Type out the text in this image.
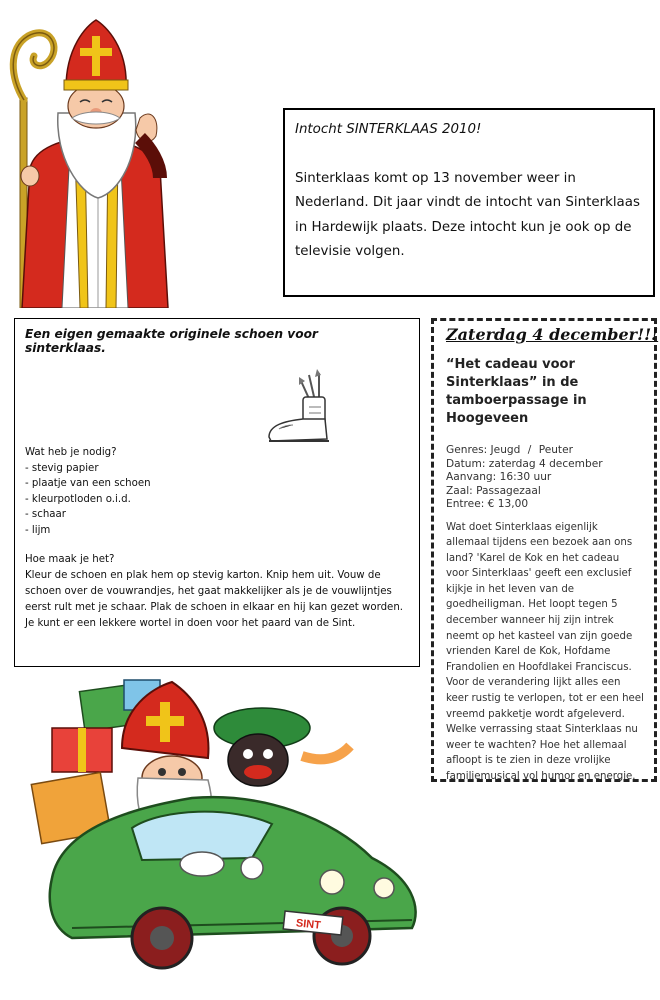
Intocht SINTERKLAAS 2010!
Sinterklaas komt op 13 november weer in Nederland. Dit jaar vindt de intocht van Sinterklaas in Hardewijk plaats. Deze intocht kun je ook op de televisie volgen.
Een eigen gemaakte originele schoen voor sinterklaas.
Wat heb je nodig?
- stevig papier
- plaatje van een schoen
- kleurpotloden o.i.d.
- schaar
- lijm
Hoe maak je het?

Kleur de schoen en plak hem op stevig karton. Knip hem uit. Vouw de schoen over de vouwrandjes, het gaat makkelijker als je de vouwlijntjes eerst rult met je schaar. Plak de schoen in elkaar en hij kan gezet worden. Je kunt er een lekkere wortel in doen voor het paard van de Sint.

Zaterdag 4 december!!!
“Het cadeau voor Sinterklaas” in de tamboerpassage in Hoogeveen
Genres: Jeugd / Peuter
Datum: zaterdag 4 december
Aanvang: 16:30 uur
Zaal: Passagezaal
Entree: € 13,00
Wat doet Sinterklaas eigenlijk allemaal tijdens een bezoek aan ons land? 'Karel de Kok en het cadeau voor Sinterklaas' geeft een exclusief kijkje in het leven van de goedheiligman. Het loopt tegen 5 december wanneer hij zijn intrek neemt op het kasteel van zijn goede vrienden Karel de Kok, Hofdame Frandolien en Hoofdlakei Franciscus. Voor de verandering lijkt alles een keer rustig te verlopen, tot er een heel vreemd pakketje wordt afgeleverd. Welke verrassing staat Sinterklaas nu weer te wachten? Hoe het allemaal afloopt is te zien in deze vrolijke familiemusical vol humor en energie.
SINT
